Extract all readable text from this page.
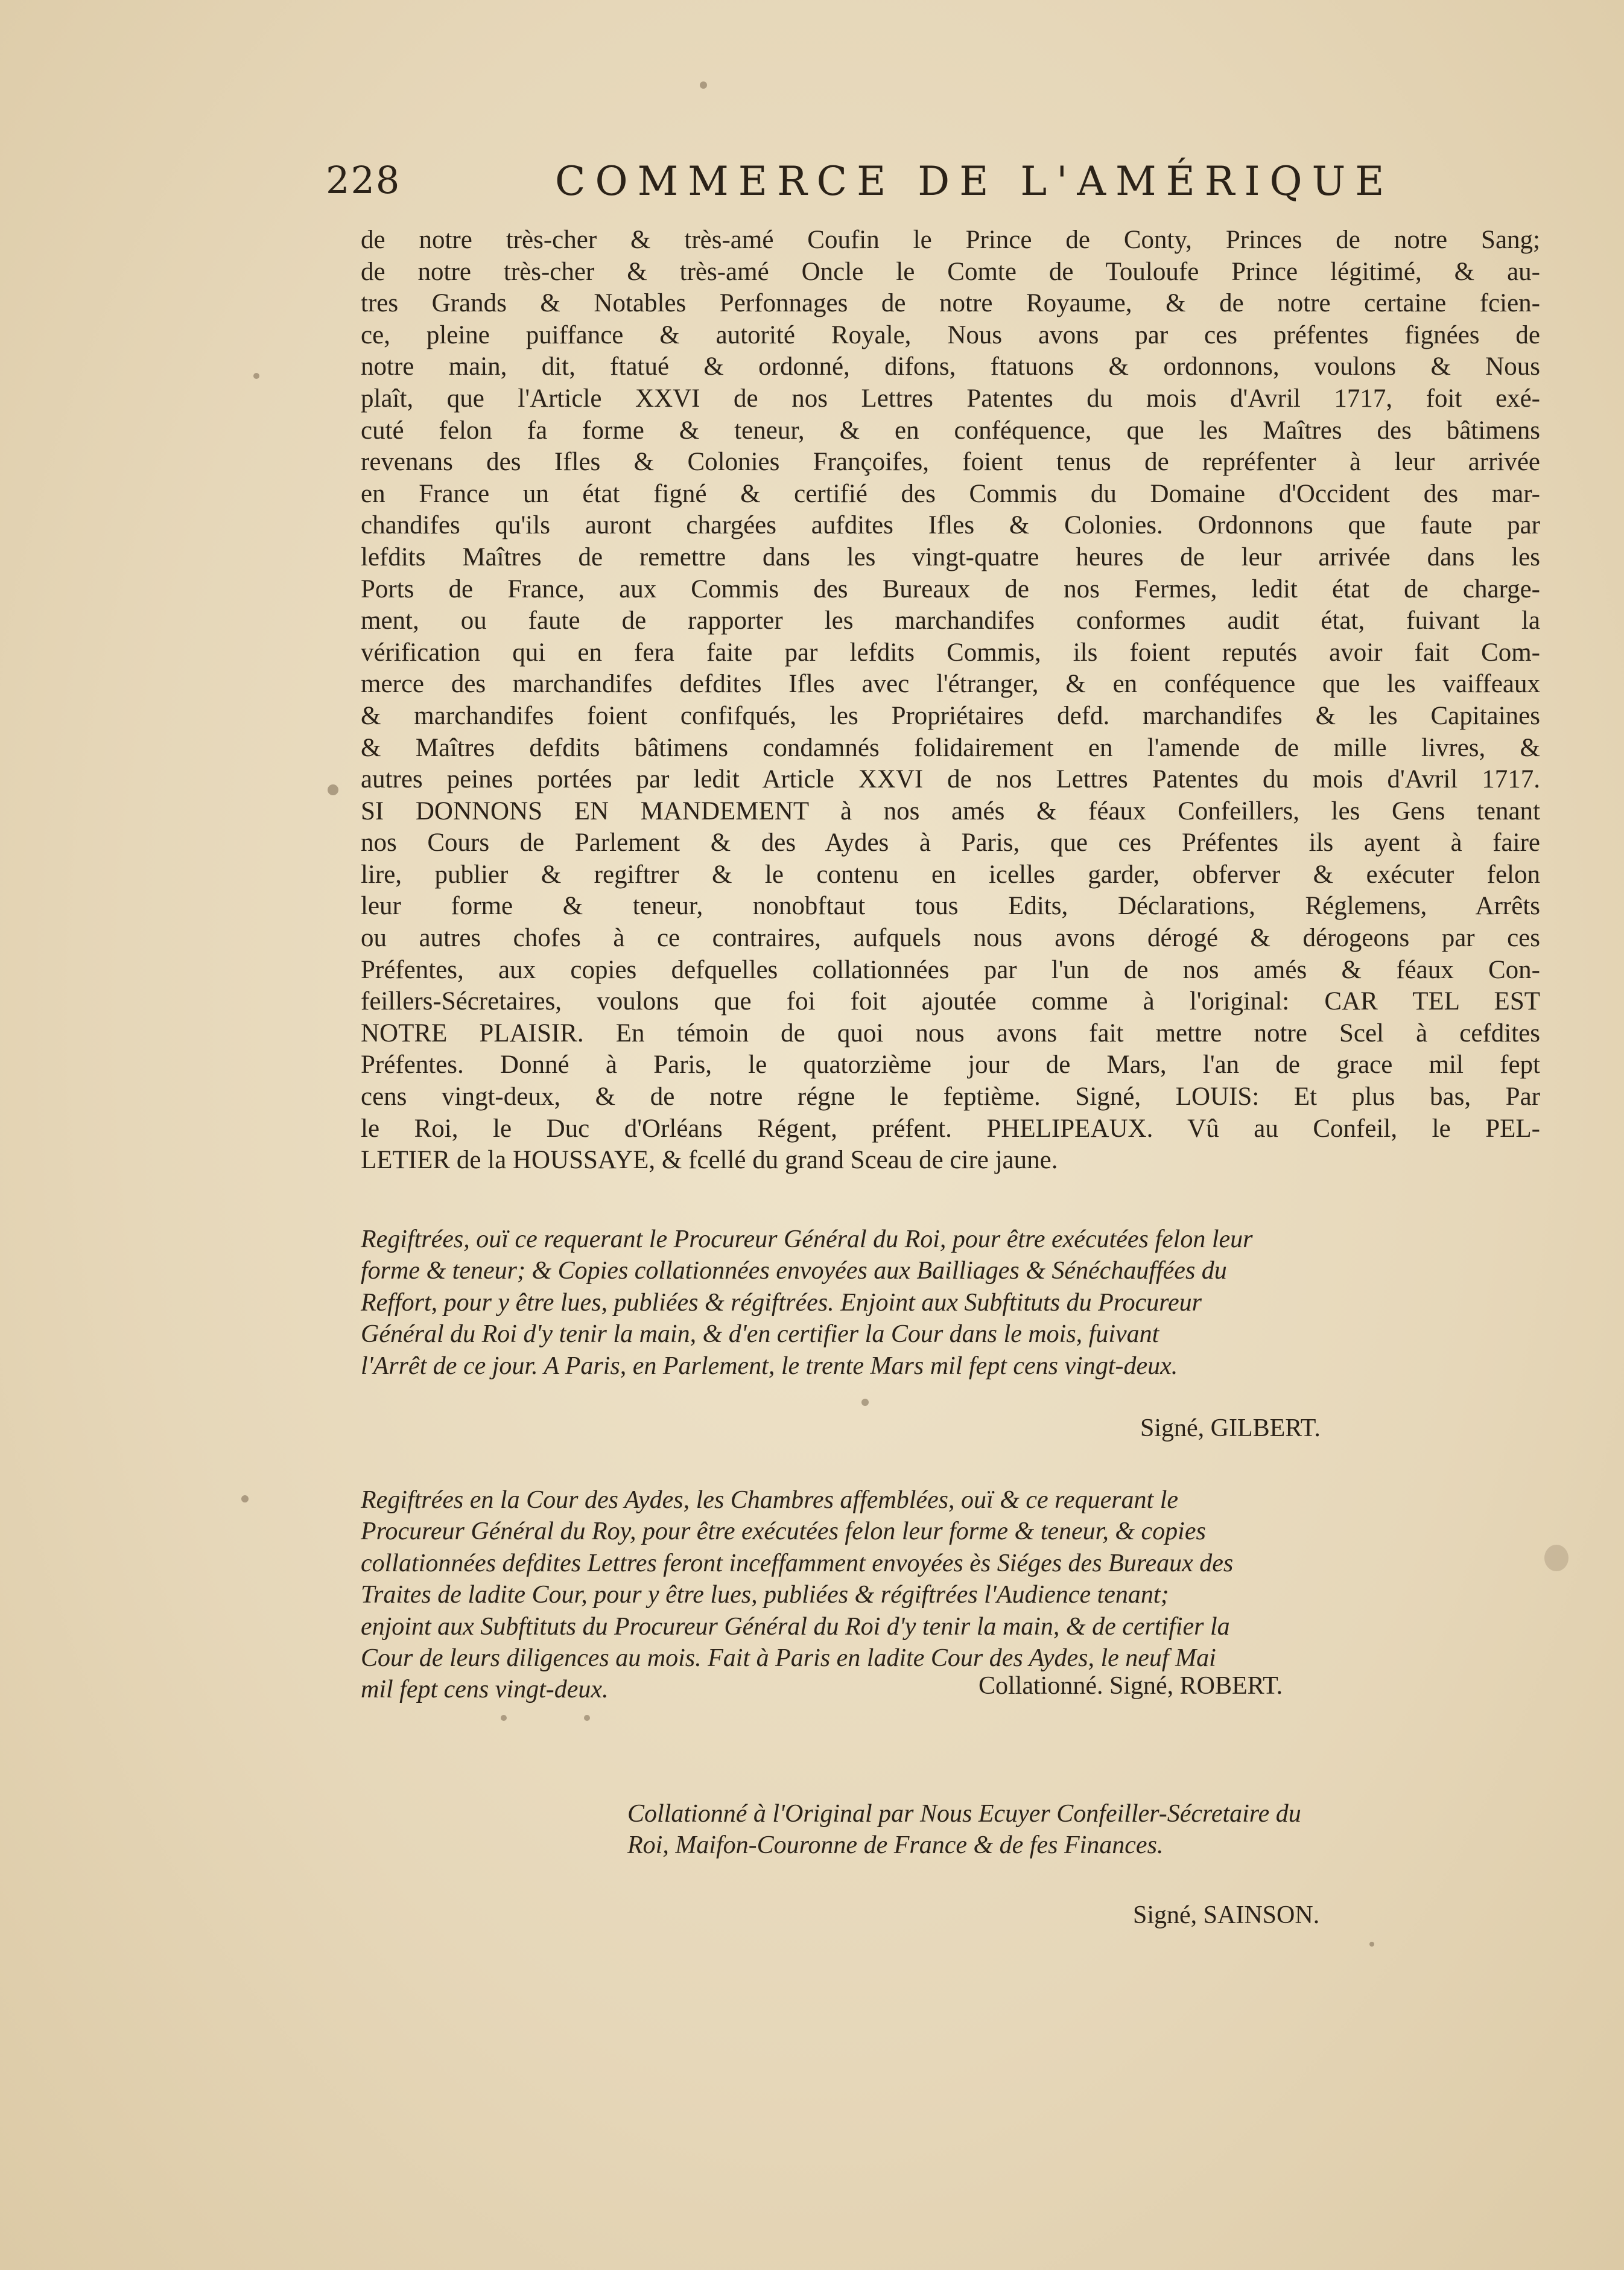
228	COMMERCE DE L'AMÉRIQUE
de notre très-cher & très-amé Coufin le Prince de Conty, Princes de notre Sang;
de notre très-cher & très-amé Oncle le Comte de Touloufe Prince légitimé, & au-
tres Grands & Notables Perfonnages de notre Royaume, & de notre certaine fcien-
ce, pleine puiffance & autorité Royale, Nous avons par ces préfentes fignées de
notre main, dit, ftatué & ordonné, difons, ftatuons & ordonnons, voulons & Nous
plaît, que l'Article XXVI de nos Lettres Patentes du mois d'Avril 1717, foit exé-
cuté felon fa forme & teneur, & en conféquence, que les Maîtres des bâtimens
revenans des Ifles & Colonies Françoifes, foient tenus de repréfenter à leur arrivée
en France un état figné & certifié des Commis du Domaine d'Occident des mar-
chandifes qu'ils auront chargées aufdites Ifles & Colonies. Ordonnons que faute par
lefdits Maîtres de remettre dans les vingt-quatre heures de leur arrivée dans les
Ports de France, aux Commis des Bureaux de nos Fermes, ledit état de charge-
ment, ou faute de rapporter les marchandifes conformes audit état, fuivant la
vérification qui en fera faite par lefdits Commis, ils foient reputés avoir fait Com-
merce des marchandifes defdites Ifles avec l'étranger, & en conféquence que les vaiffeaux
& marchandifes foient confifqués, les Propriétaires defd. marchandifes & les Capitaines
& Maîtres defdits bâtimens condamnés folidairement en l'amende de mille livres, &
autres peines portées par ledit Article XXVI de nos Lettres Patentes du mois d'Avril 1717.
SI DONNONS EN MANDEMENT à nos amés & féaux Confeillers, les Gens tenant
nos Cours de Parlement & des Aydes à Paris, que ces Préfentes ils ayent à faire
lire, publier & regiftrer & le contenu en icelles garder, obferver & exécuter felon
leur forme & teneur, nonobftaut tous Edits, Déclarations, Réglemens, Arrêts
ou autres chofes à ce contraires, aufquels nous avons dérogé & dérogeons par ces
Préfentes, aux copies defquelles collationnées par l'un de nos amés & féaux Con-
feillers-Sécretaires, voulons que foi foit ajoutée comme à l'original: CAR TEL EST
NOTRE PLAISIR. En témoin de quoi nous avons fait mettre notre Scel à cefdites
Préfentes. Donné à Paris, le quatorzième jour de Mars, l'an de grace mil fept
cens vingt-deux, & de notre régne le feptième. Signé, LOUIS: Et plus bas, Par
le Roi, le Duc d'Orléans Régent, préfent. PHELIPEAUX. Vû au Confeil, le PEL-
LETIER de la HOUSSAYE, & fcellé du grand Sceau de cire jaune.
Regiftrées, ouï ce requerant le Procureur Général du Roi, pour être exécutées felon leur
forme & teneur; & Copies collationnées envoyées aux Bailliages & Sénéchauffées du
Reffort, pour y être lues, publiées & régiftrées. Enjoint aux Subftituts du Procureur
Général du Roi d'y tenir la main, & d'en certifier la Cour dans le mois, fuivant
l'Arrêt de ce jour. A Paris, en Parlement, le trente Mars mil fept cens vingt-deux.
Signé, GILBERT.
Regiftrées en la Cour des Aydes, les Chambres affemblées, ouï & ce requerant le
Procureur Général du Roy, pour être exécutées felon leur forme & teneur, & copies
collationnées defdites Lettres feront inceffamment envoyées ès Siéges des Bureaux des
Traites de ladite Cour, pour y être lues, publiées & régiftrées l'Audience tenant;
enjoint aux Subftituts du Procureur Général du Roi d'y tenir la main, & de certifier la
Cour de leurs diligences au mois. Fait à Paris en ladite Cour des Aydes, le neuf Mai
mil fept cens vingt-deux.	Collationné. Signé, ROBERT.
Collationné à l'Original par Nous Ecuyer Confeiller-Sécretaire du
Roi, Maifon-Couronne de France & de fes Finances.
Signé, SAINSON.
